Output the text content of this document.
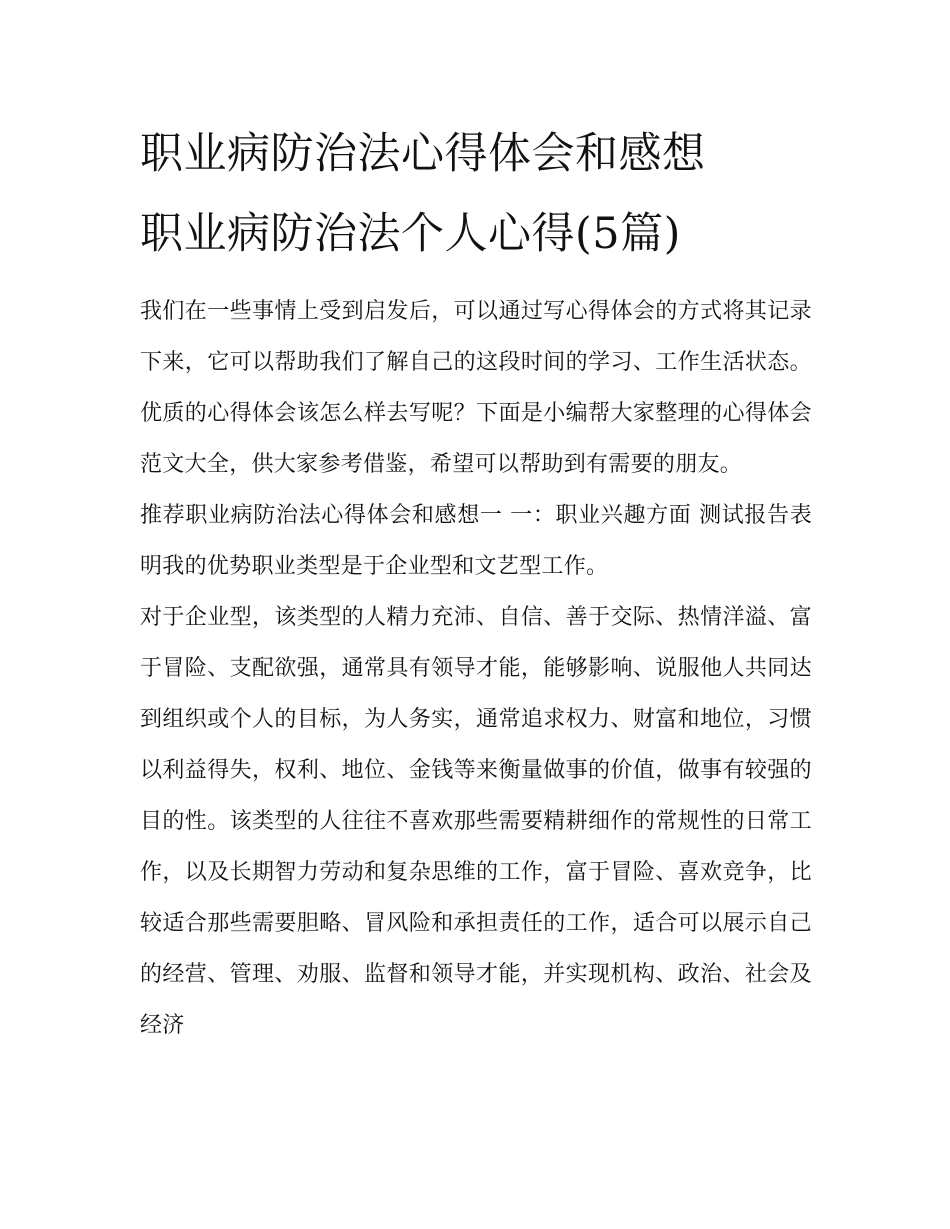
职业病防治法心得体会和感想
职业病防治法个人心得(5篇)

我们在一些事情上受到启发后，可以通过写心得体会的方式将其记录下来，它可以帮助我们了解自己的这段时间的学习、工作生活状态。优质的心得体会该怎么样去写呢？下面是小编帮大家整理的心得体会范文大全，供大家参考借鉴，希望可以帮助到有需要的朋友。

推荐职业病防治法心得体会和感想一 一：职业兴趣方面 测试报告表明我的优势职业类型是于企业型和文艺型工作。

对于企业型，该类型的人精力充沛、自信、善于交际、热情洋溢、富于冒险、支配欲强，通常具有领导才能，能够影响、说服他人共同达到组织或个人的目标，为人务实，通常追求权力、财富和地位，习惯以利益得失，权利、地位、金钱等来衡量做事的价值，做事有较强的目的性。该类型的人往往不喜欢那些需要精耕细作的常规性的日常工作，以及长期智力劳动和复杂思维的工作，富于冒险、喜欢竞争，比较适合那些需要胆略、冒风险和承担责任的工作，适合可以展示自己的经营、管理、劝服、监督和领导才能，并实现机构、政治、社会及经济
